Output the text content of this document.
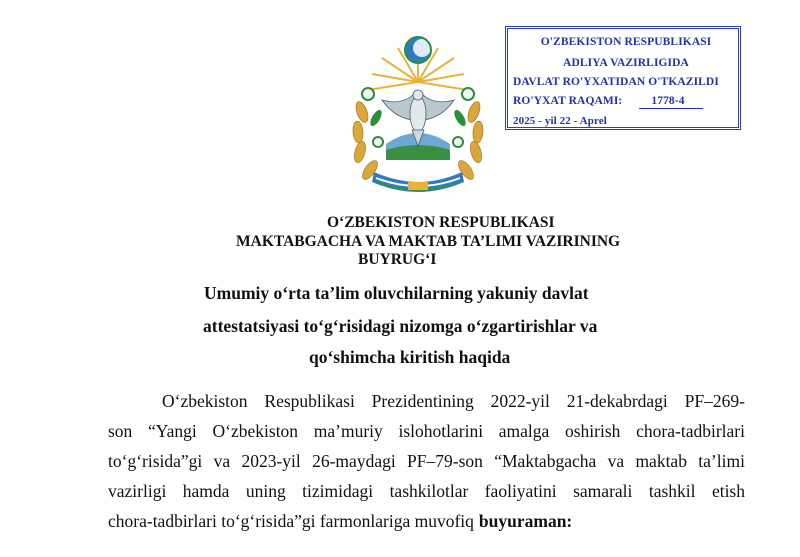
O'ZBEKISTON RESPUBLIKASI
ADLIYA VAZIRLIGIDA
DAVLAT RO'YXATIDAN O'TKAZILDI
RO'YXAT RAQAMI:	1778-4
2025 - yil 22 - Aprel
O‘ZBEKISTON RESPUBLIKASI
MAKTABGACHA VA MAKTAB TA’LIMI VAZIRINING
BUYRUG‘I
Umumiy o‘rta ta’lim oluvchilarning yakuniy davlat
attestatsiyasi to‘g‘risidagi nizomga o‘zgartirishlar va
qo‘shimcha kiritish haqida
O‘zbekiston Respublikasi Prezidentining 2022-yil 21-dekabrdagi PF–269-
son “Yangi O‘zbekiston ma’muriy islohotlarini amalga oshirish chora-tadbirlari
to‘g‘risida”gi va 2023-yil 26-maydagi PF–79-son “Maktabgacha va maktab ta’limi
vazirligi hamda uning tizimidagi tashkilotlar faoliyatini samarali tashkil etish
chora-tadbirlari to‘g‘risida”gi farmonlariga muvofiq buyuraman:
